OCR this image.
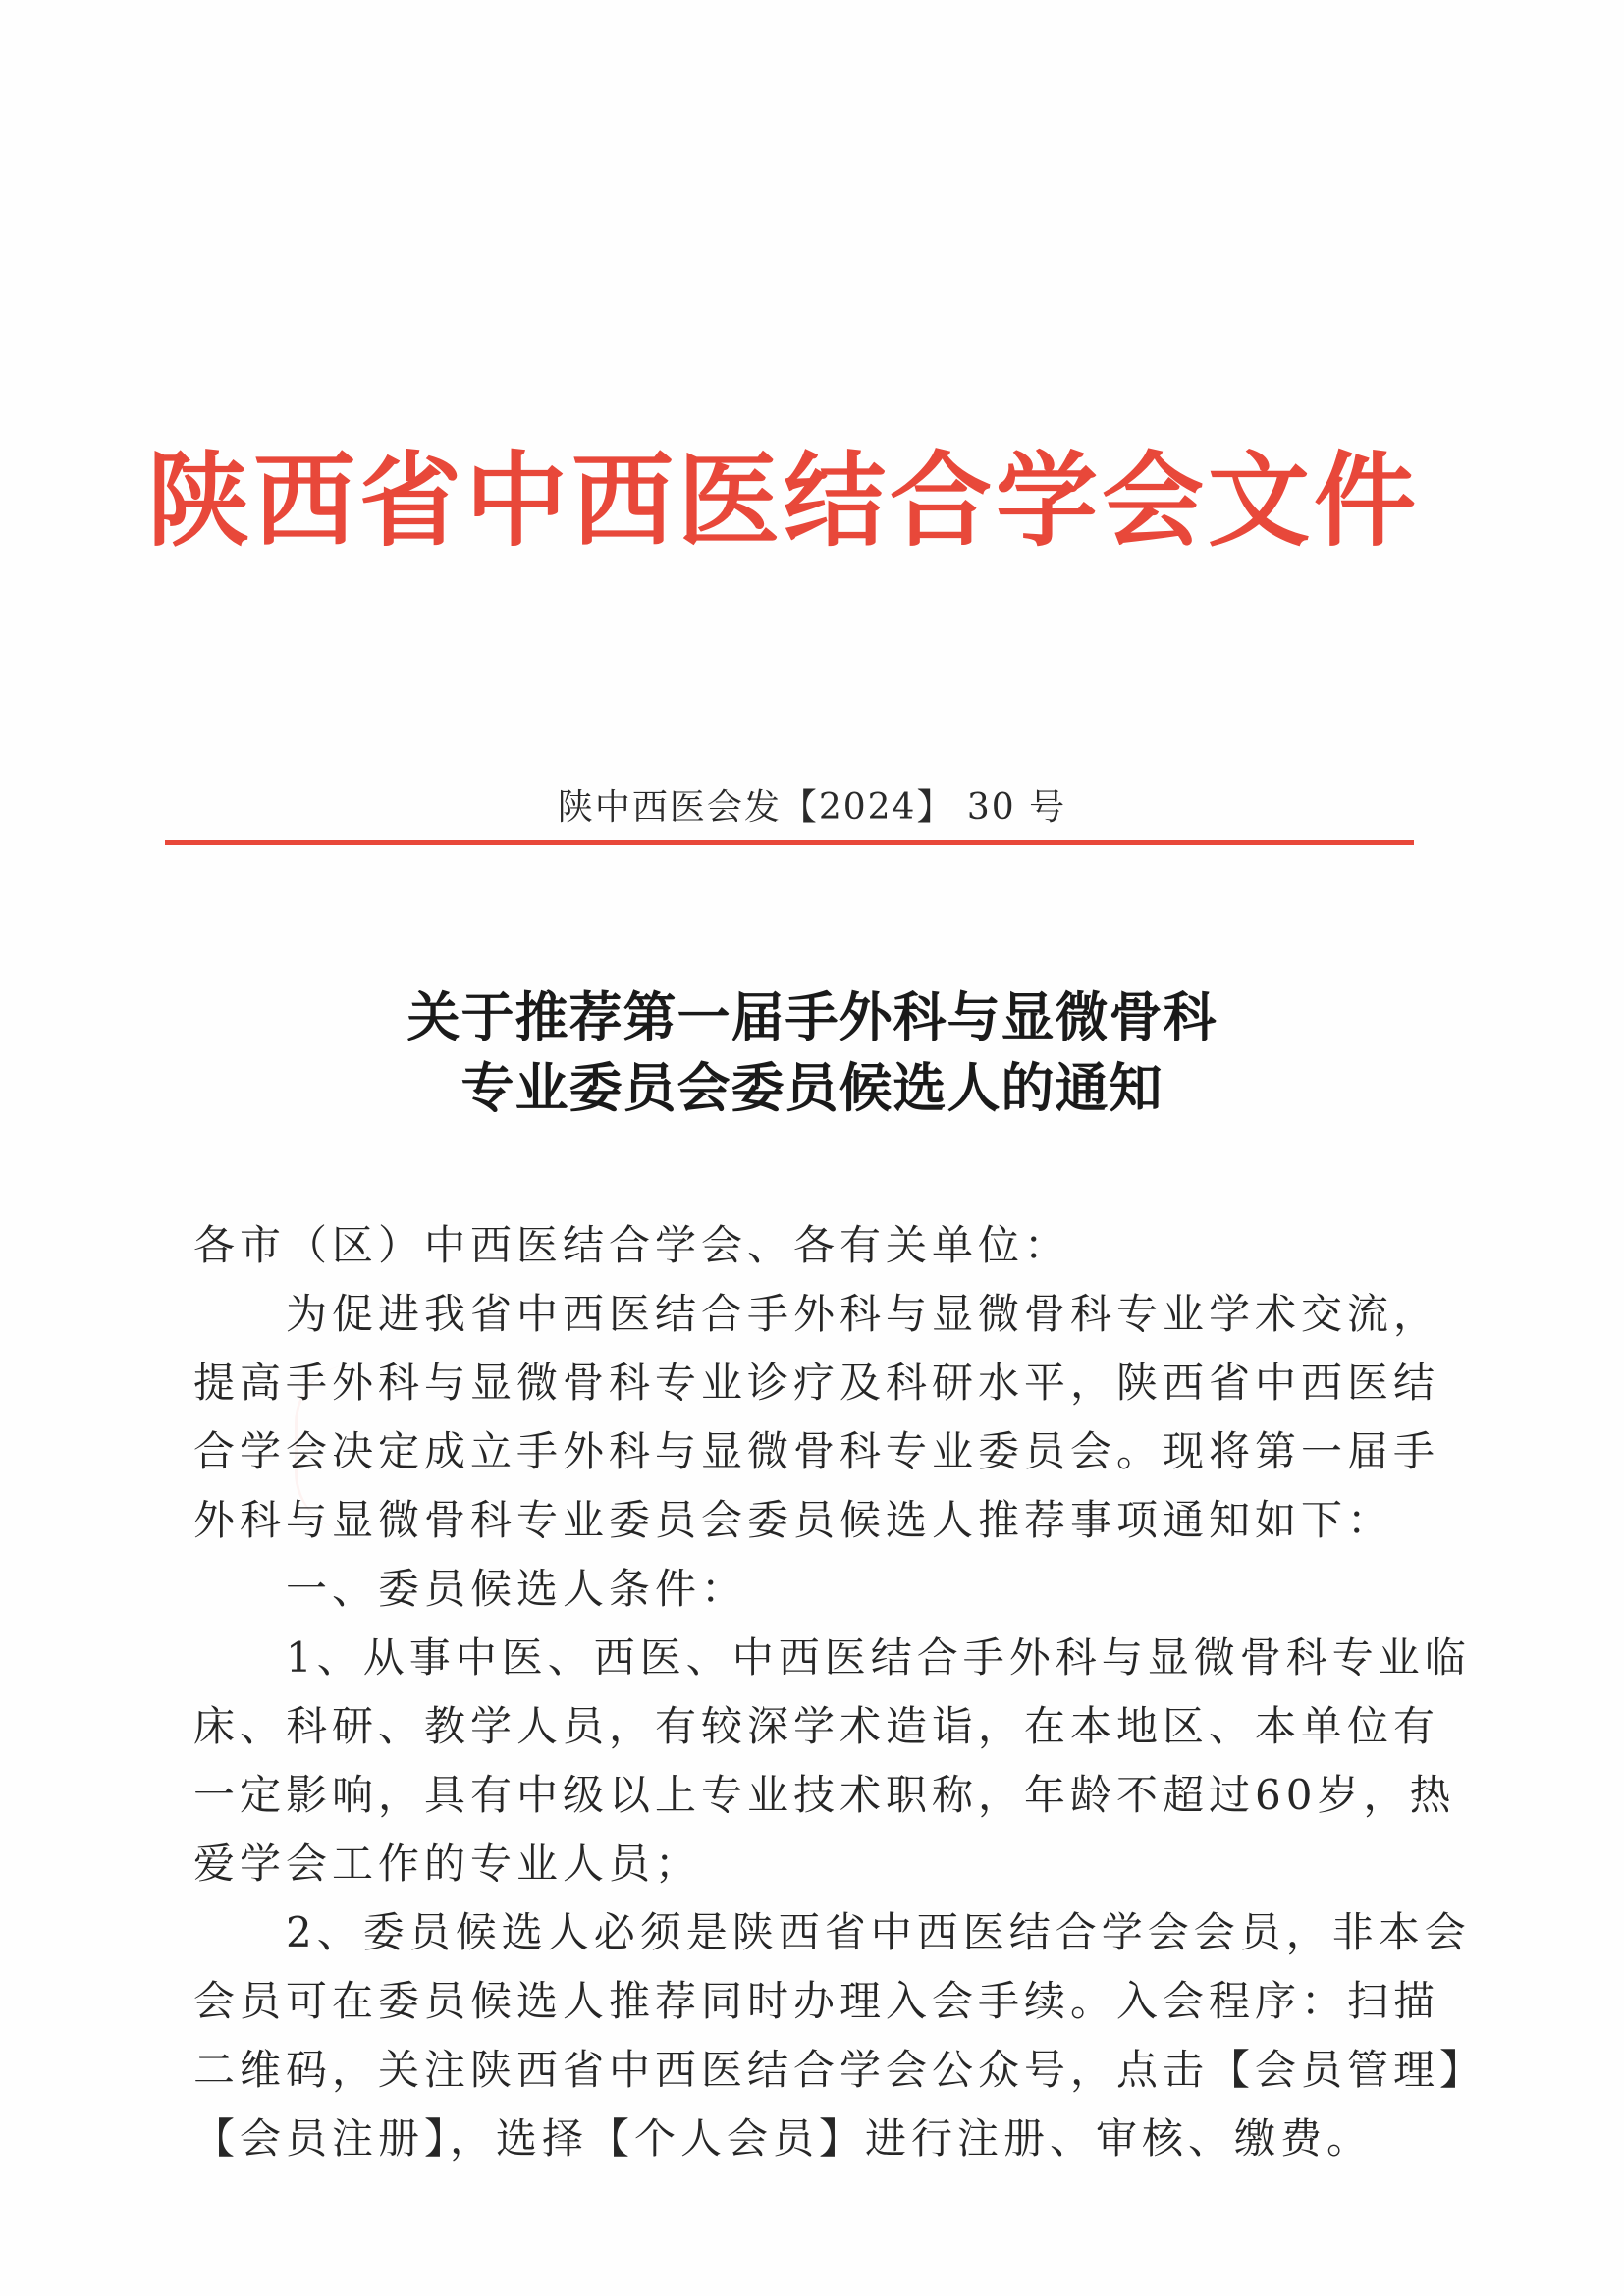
陕西省中西医结合学会文件
陕中西医会发【2024】 30 号
关于推荐第一届手外科与显微骨科
专业委员会委员候选人的通知
各市（区）中西医结合学会、各有关单位：
　　为促进我省中西医结合手外科与显微骨科专业学术交流，
提高手外科与显微骨科专业诊疗及科研水平，陕西省中西医结
合学会决定成立手外科与显微骨科专业委员会。现将第一届手
外科与显微骨科专业委员会委员候选人推荐事项通知如下：
　　一、委员候选人条件：
　　1、从事中医、西医、中西医结合手外科与显微骨科专业临
床、科研、教学人员，有较深学术造诣，在本地区、本单位有
一定影响，具有中级以上专业技术职称，年龄不超过60岁，热
爱学会工作的专业人员；
　　2、委员候选人必须是陕西省中西医结合学会会员，非本会
会员可在委员候选人推荐同时办理入会手续。入会程序：扫描
二维码，关注陕西省中西医结合学会公众号，点击【会员管理】
【会员注册】，选择【个人会员】进行注册、审核、缴费。
